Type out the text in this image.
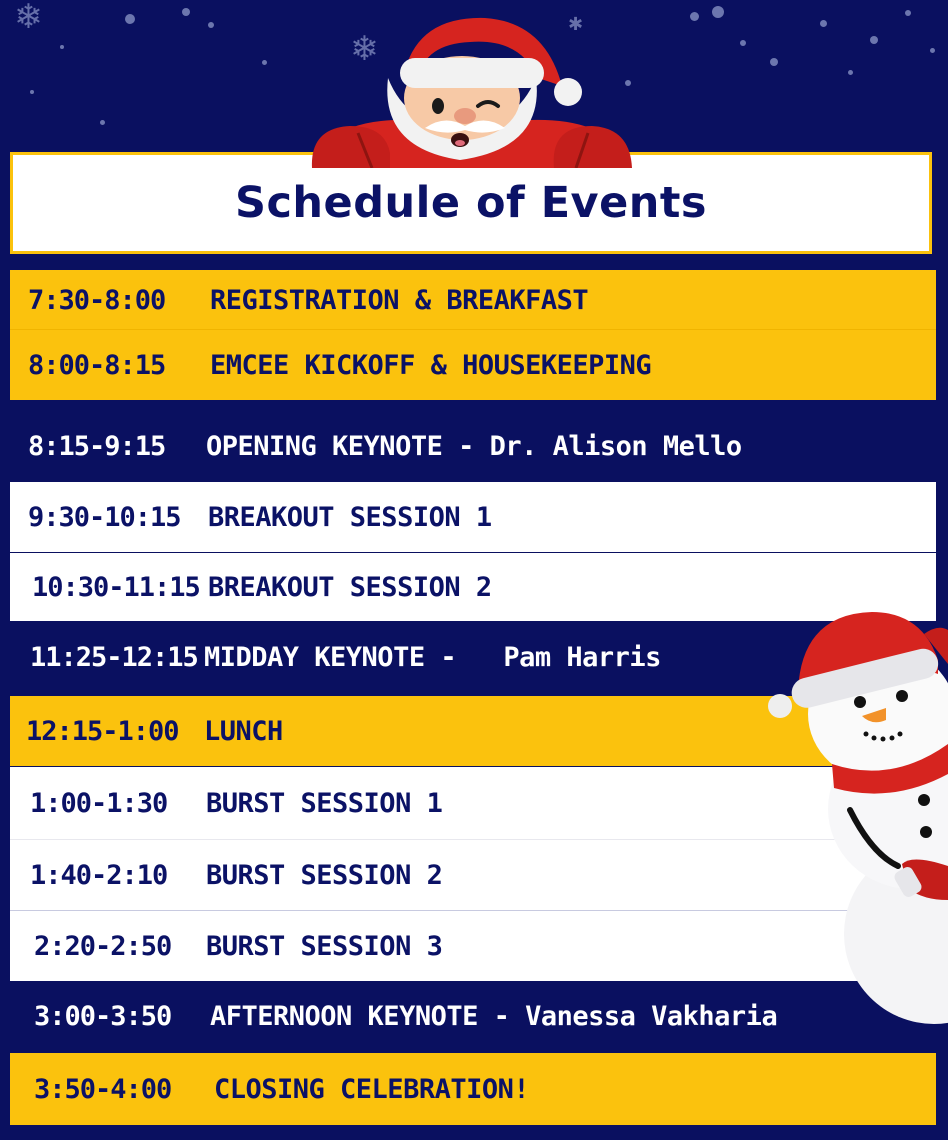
❄
❄
✱
Schedule of Events
7:30-8:00 REGISTRATION & BREAKFAST
8:00-8:15 EMCEE KICKOFF & HOUSEKEEPING
8:15-9:15 OPENING KEYNOTE - Dr. Alison Mello
9:30-10:15 BREAKOUT SESSION 1
10:30-11:15 BREAKOUT SESSION 2
11:25-12:15 MIDDAY KEYNOTE -   Pam Harris
12:15-1:00 LUNCH
1:00-1:30 BURST SESSION 1
1:40-2:10 BURST SESSION 2
2:20-2:50 BURST SESSION 3
3:00-3:50 AFTERNOON KEYNOTE - Vanessa Vakharia
3:50-4:00 CLOSING CELEBRATION!
